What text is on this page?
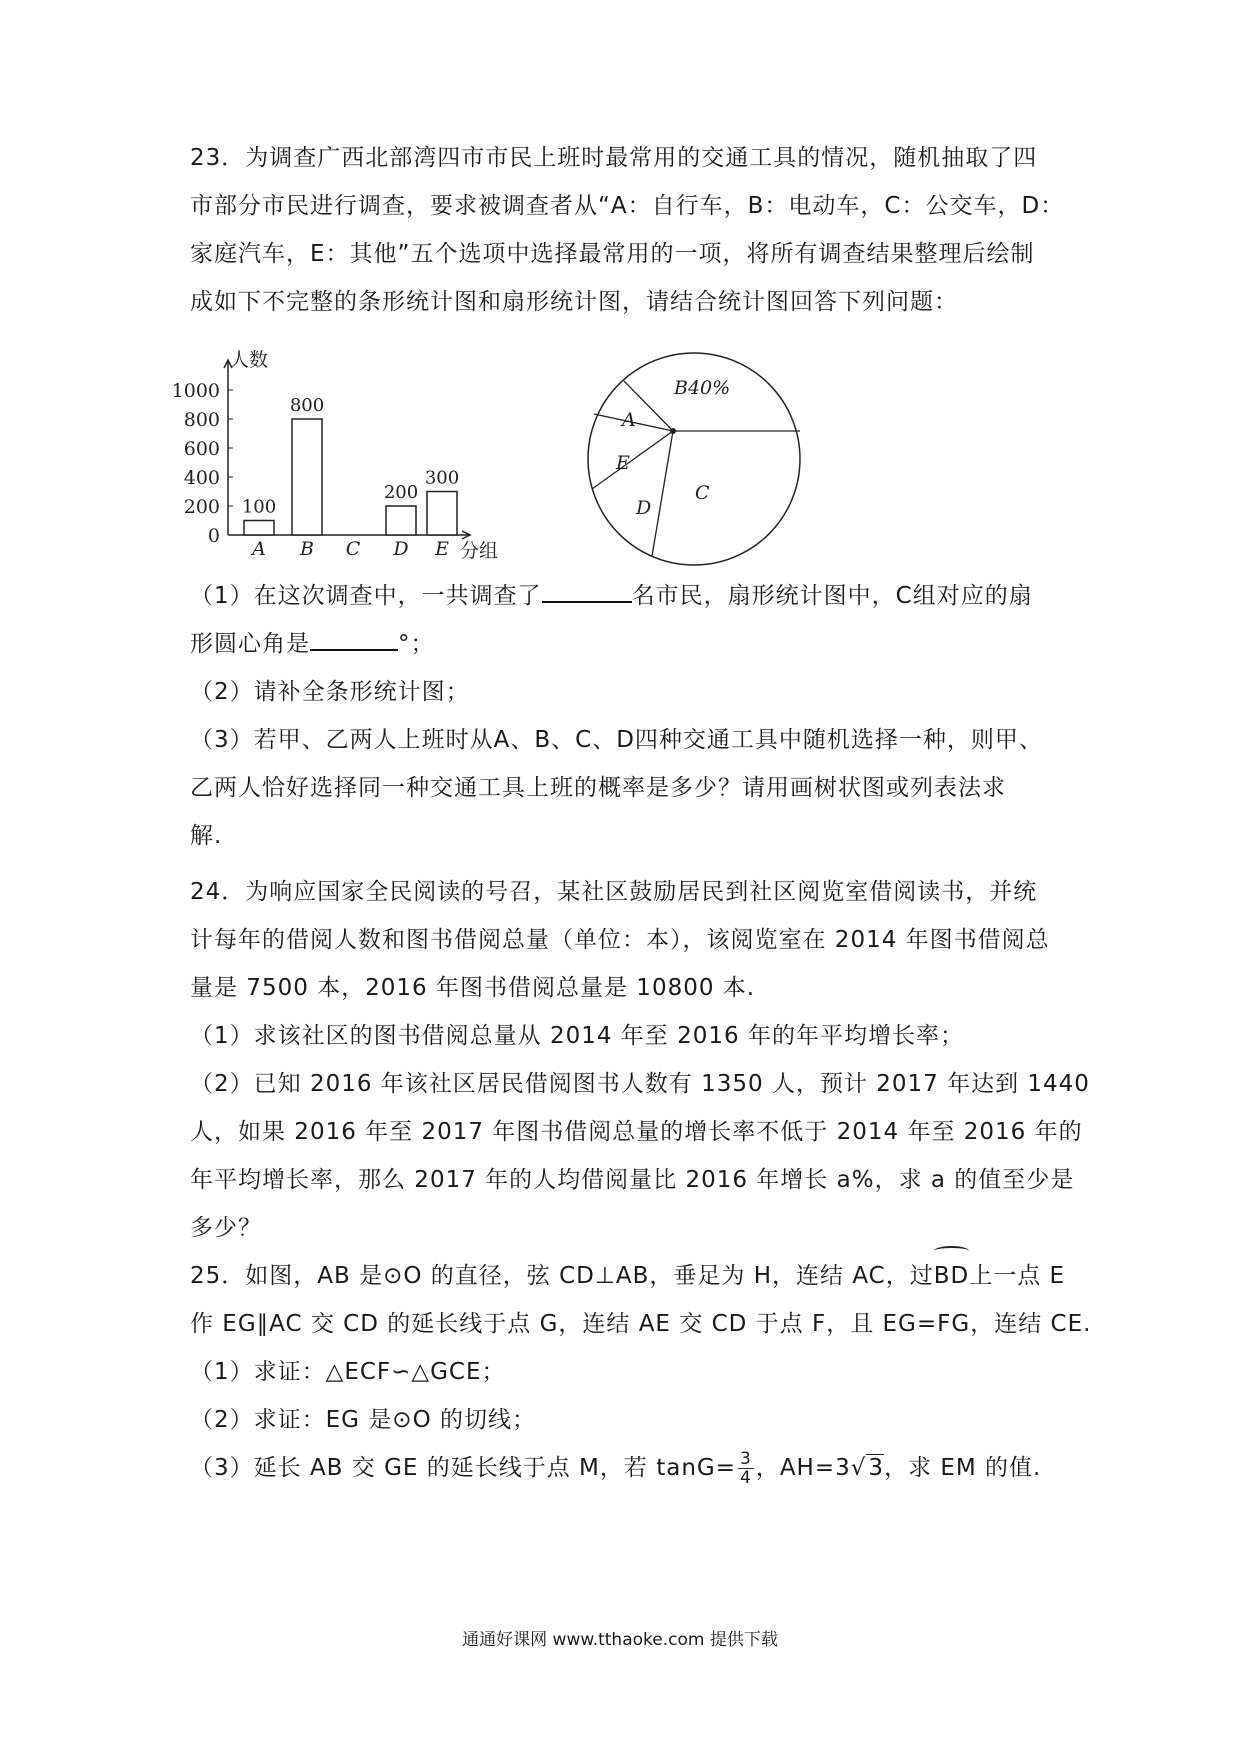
23．为调查广西北部湾四市市民上班时最常用的交通工具的情况，随机抽取了四
市部分市民进行调查，要求被调查者从“A：自行车，B：电动车，C：公交车，D：
家庭汽车，E：其他”五个选项中选择最常用的一项，将所有调查结果整理后绘制
成如下不完整的条形统计图和扇形统计图，请结合统计图回答下列问题：
0
200
400
600
800
1000
人数
分组
A
100
B
800
C D
200
E
300
A
B40%
C
D
E
（1）在这次调查中，一共调查了	名市民，扇形统计图中，C组对应的扇
形圆心角是	°；
（2）请补全条形统计图；
（3）若甲、乙两人上班时从A、B、C、D四种交通工具中随机选择一种，则甲、
乙两人恰好选择同一种交通工具上班的概率是多少？请用画树状图或列表法求
解.
24．为响应国家全民阅读的号召，某社区鼓励居民到社区阅览室借阅读书，并统
计每年的借阅人数和图书借阅总量（单位：本），该阅览室在 2014 年图书借阅总
量是 7500 本，2016 年图书借阅总量是 10800 本.
（1）求该社区的图书借阅总量从 2014 年至 2016 年的年平均增长率；
（2）已知 2016 年该社区居民借阅图书人数有 1350 人，预计 2017 年达到 1440
人，如果 2016 年至 2017 年图书借阅总量的增长率不低于 2014 年至 2016 年的
年平均增长率，那么 2017 年的人均借阅量比 2016 年增长 a%，求 a 的值至少是
多少？
25．如图，AB 是⊙O 的直径，弦 CD⊥AB，垂足为 H，连结 AC，过BD上一点 E
作 EG∥AC 交 CD 的延长线于点 G，连结 AE 交 CD 于点 F，且 EG=FG，连结 CE.
（1）求证：△ECF∽△GCE；
（2）求证：EG 是⊙O 的切线；
（3）延长 AB 交 GE 的延长线于点 M，若 $\tan G= \frac{3}{4}$ ，AH=3√3，求 EM 的值.
通通好课网 www.tthaoke.com 提供下载
